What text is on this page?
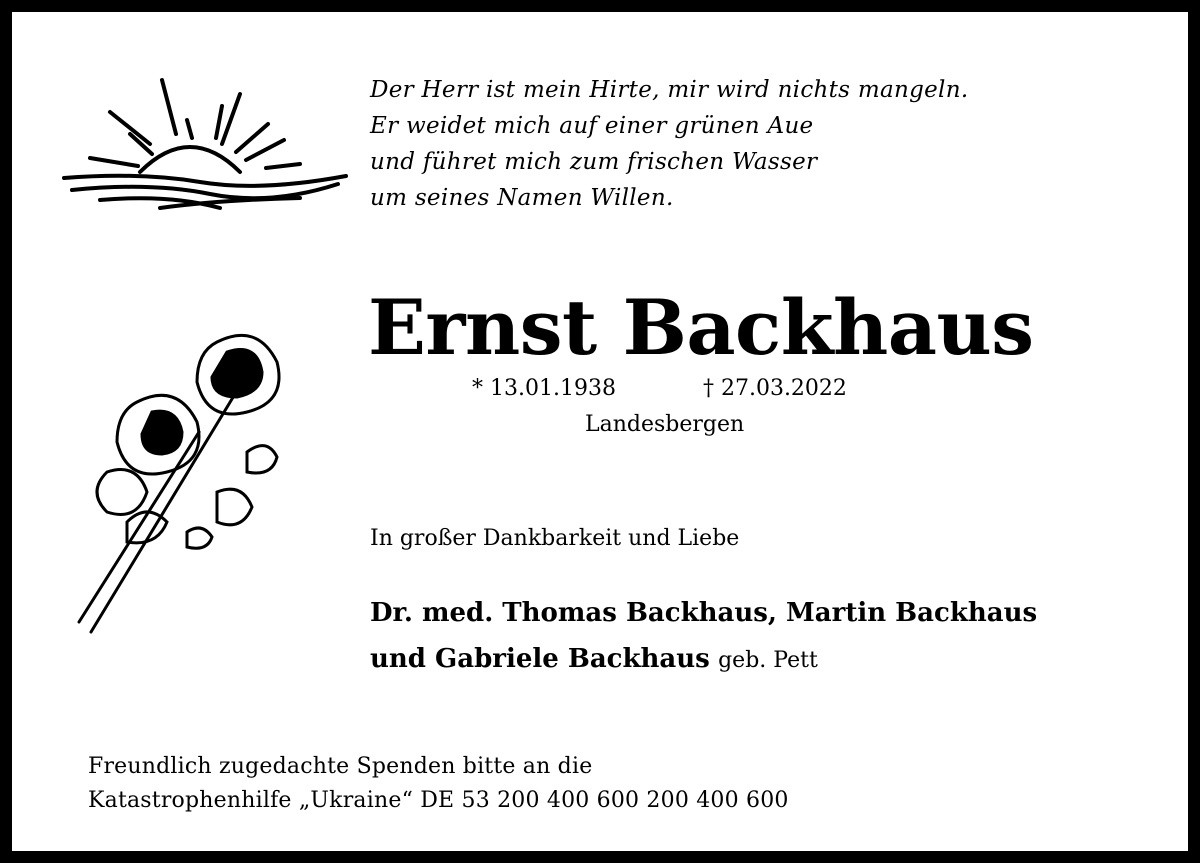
Der Herr ist mein Hirte, mir wird nichts mangeln.
Er weidet mich auf einer grünen Aue
und führet mich zum frischen Wasser
um seines Namen Willen.
Ernst Backhaus
* 13.01.1938	† 27.03.2022
Landesbergen
In großer Dankbarkeit und Liebe
Dr. med. Thomas Backhaus, Martin Backhaus
und Gabriele Backhaus geb. Pett
Freundlich zugedachte Spenden bitte an die
Katastrophenhilfe „Ukraine“ DE 53 200 400 600 200 400 600
